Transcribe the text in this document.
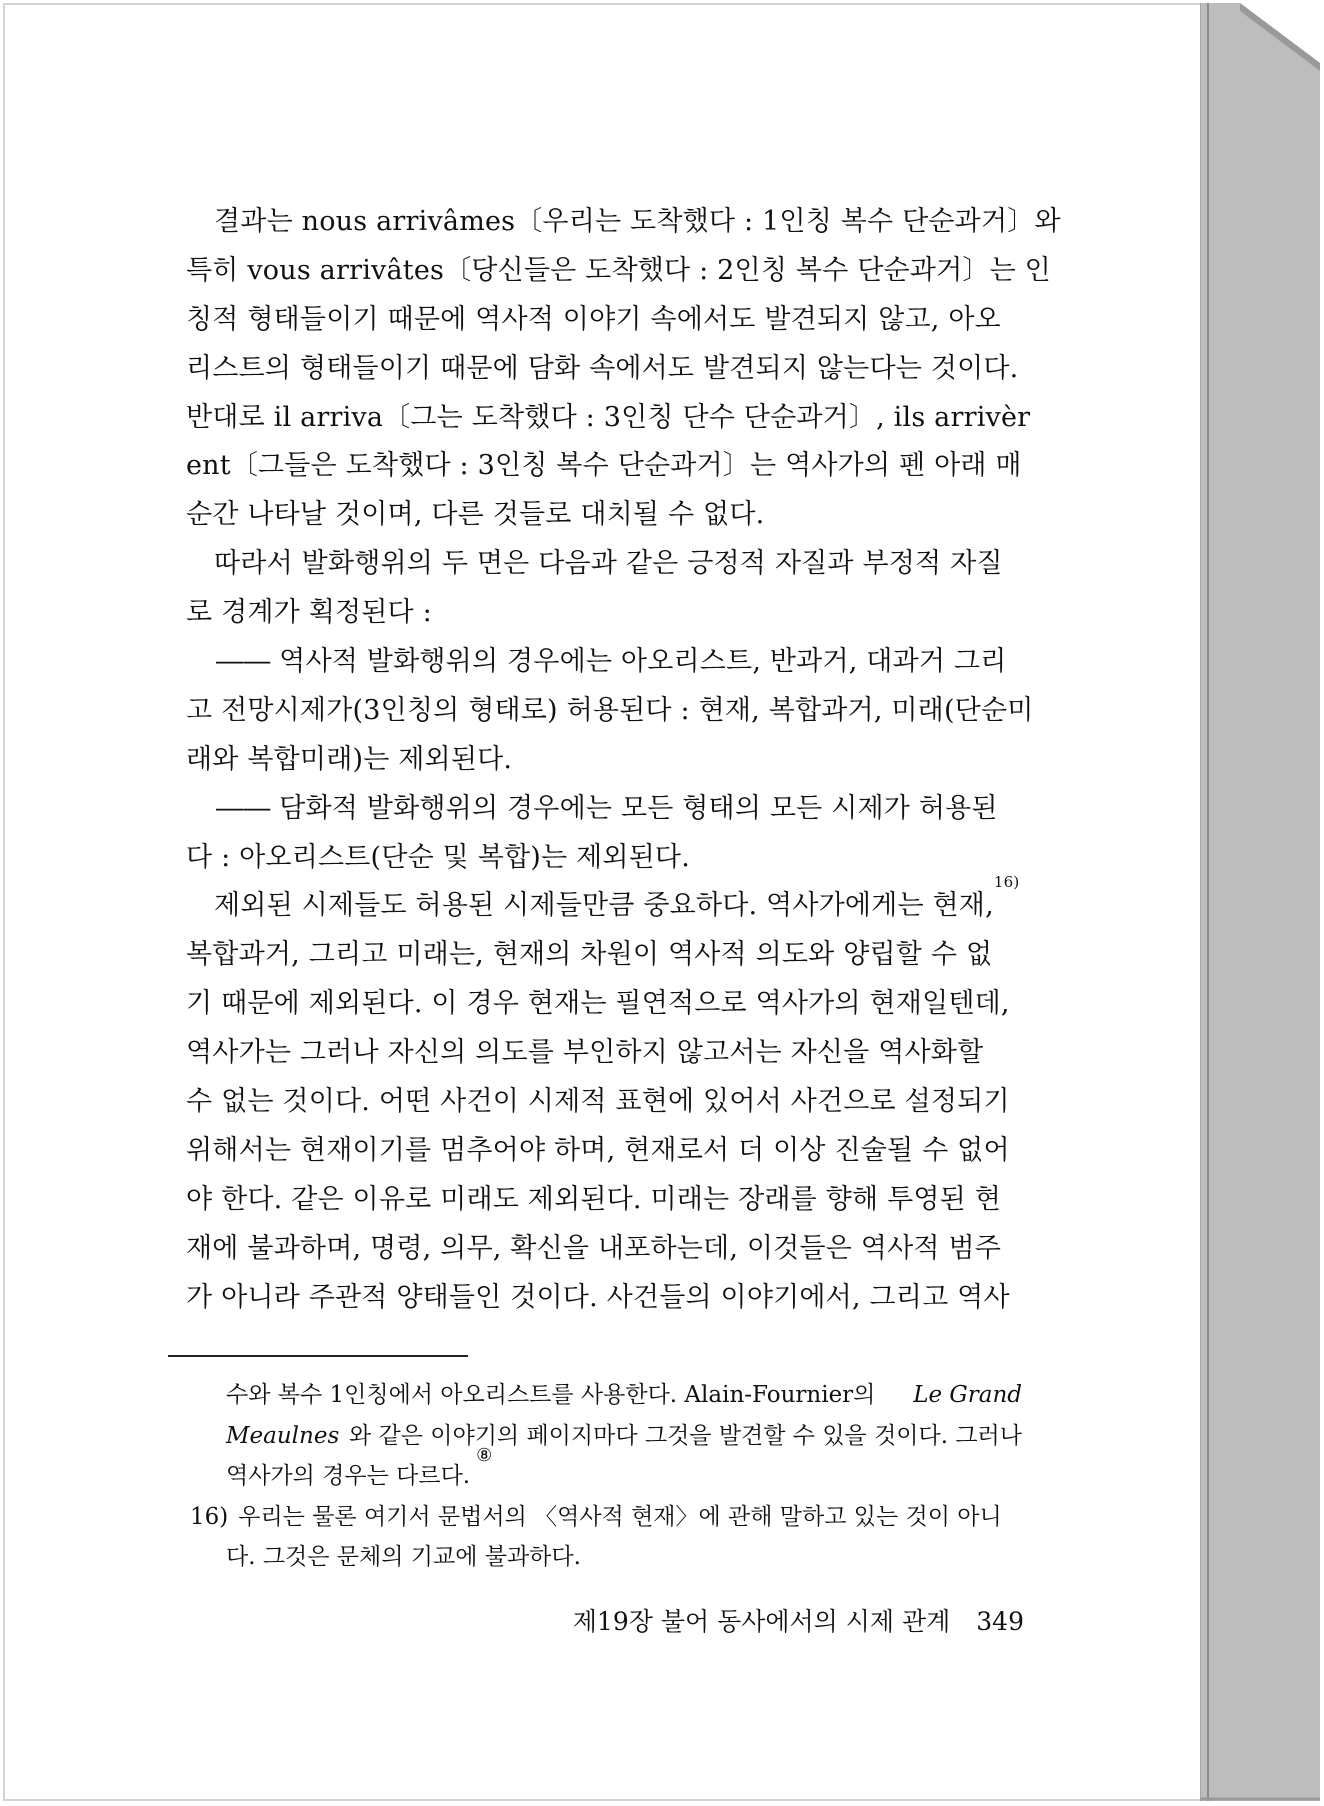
결과는 nous arrivâmes〔우리는 도착했다 : 1인칭 복수 단순과거〕와
특히 vous arrivâtes〔당신들은 도착했다 : 2인칭 복수 단순과거〕는 인
칭적 형태들이기 때문에 역사적 이야기 속에서도 발견되지 않고, 아오
리스트의 형태들이기 때문에 담화 속에서도 발견되지 않는다는 것이다.
반대로 il arriva〔그는 도착했다 : 3인칭 단수 단순과거〕, ils arrivèr
ent〔그들은 도착했다 : 3인칭 복수 단순과거〕는 역사가의 펜 아래 매
순간 나타날 것이며, 다른 것들로 대치될 수 없다.
따라서 발화행위의 두 면은 다음과 같은 긍정적 자질과 부정적 자질
로 경계가 획정된다 :
―― 역사적 발화행위의 경우에는 아오리스트, 반과거, 대과거 그리
고 전망시제가(3인칭의 형태로) 허용된다 : 현재, 복합과거, 미래(단순미
래와 복합미래)는 제외된다.
―― 담화적 발화행위의 경우에는 모든 형태의 모든 시제가 허용된
다 : 아오리스트(단순 및 복합)는 제외된다.
제외된 시제들도 허용된 시제들만큼 중요하다. 역사가에게는 현재,
16)
복합과거, 그리고 미래는, 현재의 차원이 역사적 의도와 양립할 수 없
기 때문에 제외된다. 이 경우 현재는 필연적으로 역사가의 현재일텐데,
역사가는 그러나 자신의 의도를 부인하지 않고서는 자신을 역사화할
수 없는 것이다. 어떤 사건이 시제적 표현에 있어서 사건으로 설정되기
위해서는 현재이기를 멈추어야 하며, 현재로서 더 이상 진술될 수 없어
야 한다. 같은 이유로 미래도 제외된다. 미래는 장래를 향해 투영된 현
재에 불과하며, 명령, 의무, 확신을 내포하는데, 이것들은 역사적 범주
가 아니라 주관적 양태들인 것이다. 사건들의 이야기에서, 그리고 역사
수와 복수 1인칭에서 아오리스트를 사용한다. Alain-Fournier의 Le Grand
Meaulnes 와 같은 이야기의 페이지마다 그것을 발견할 수 있을 것이다. 그러나
역사가의 경우는 다르다.
⑧
16) 우리는 물론 여기서 문법서의 〈역사적 현재〉에 관해 말하고 있는 것이 아니
다. 그것은 문체의 기교에 불과하다.
제19장 불어 동사에서의 시제 관계 349
